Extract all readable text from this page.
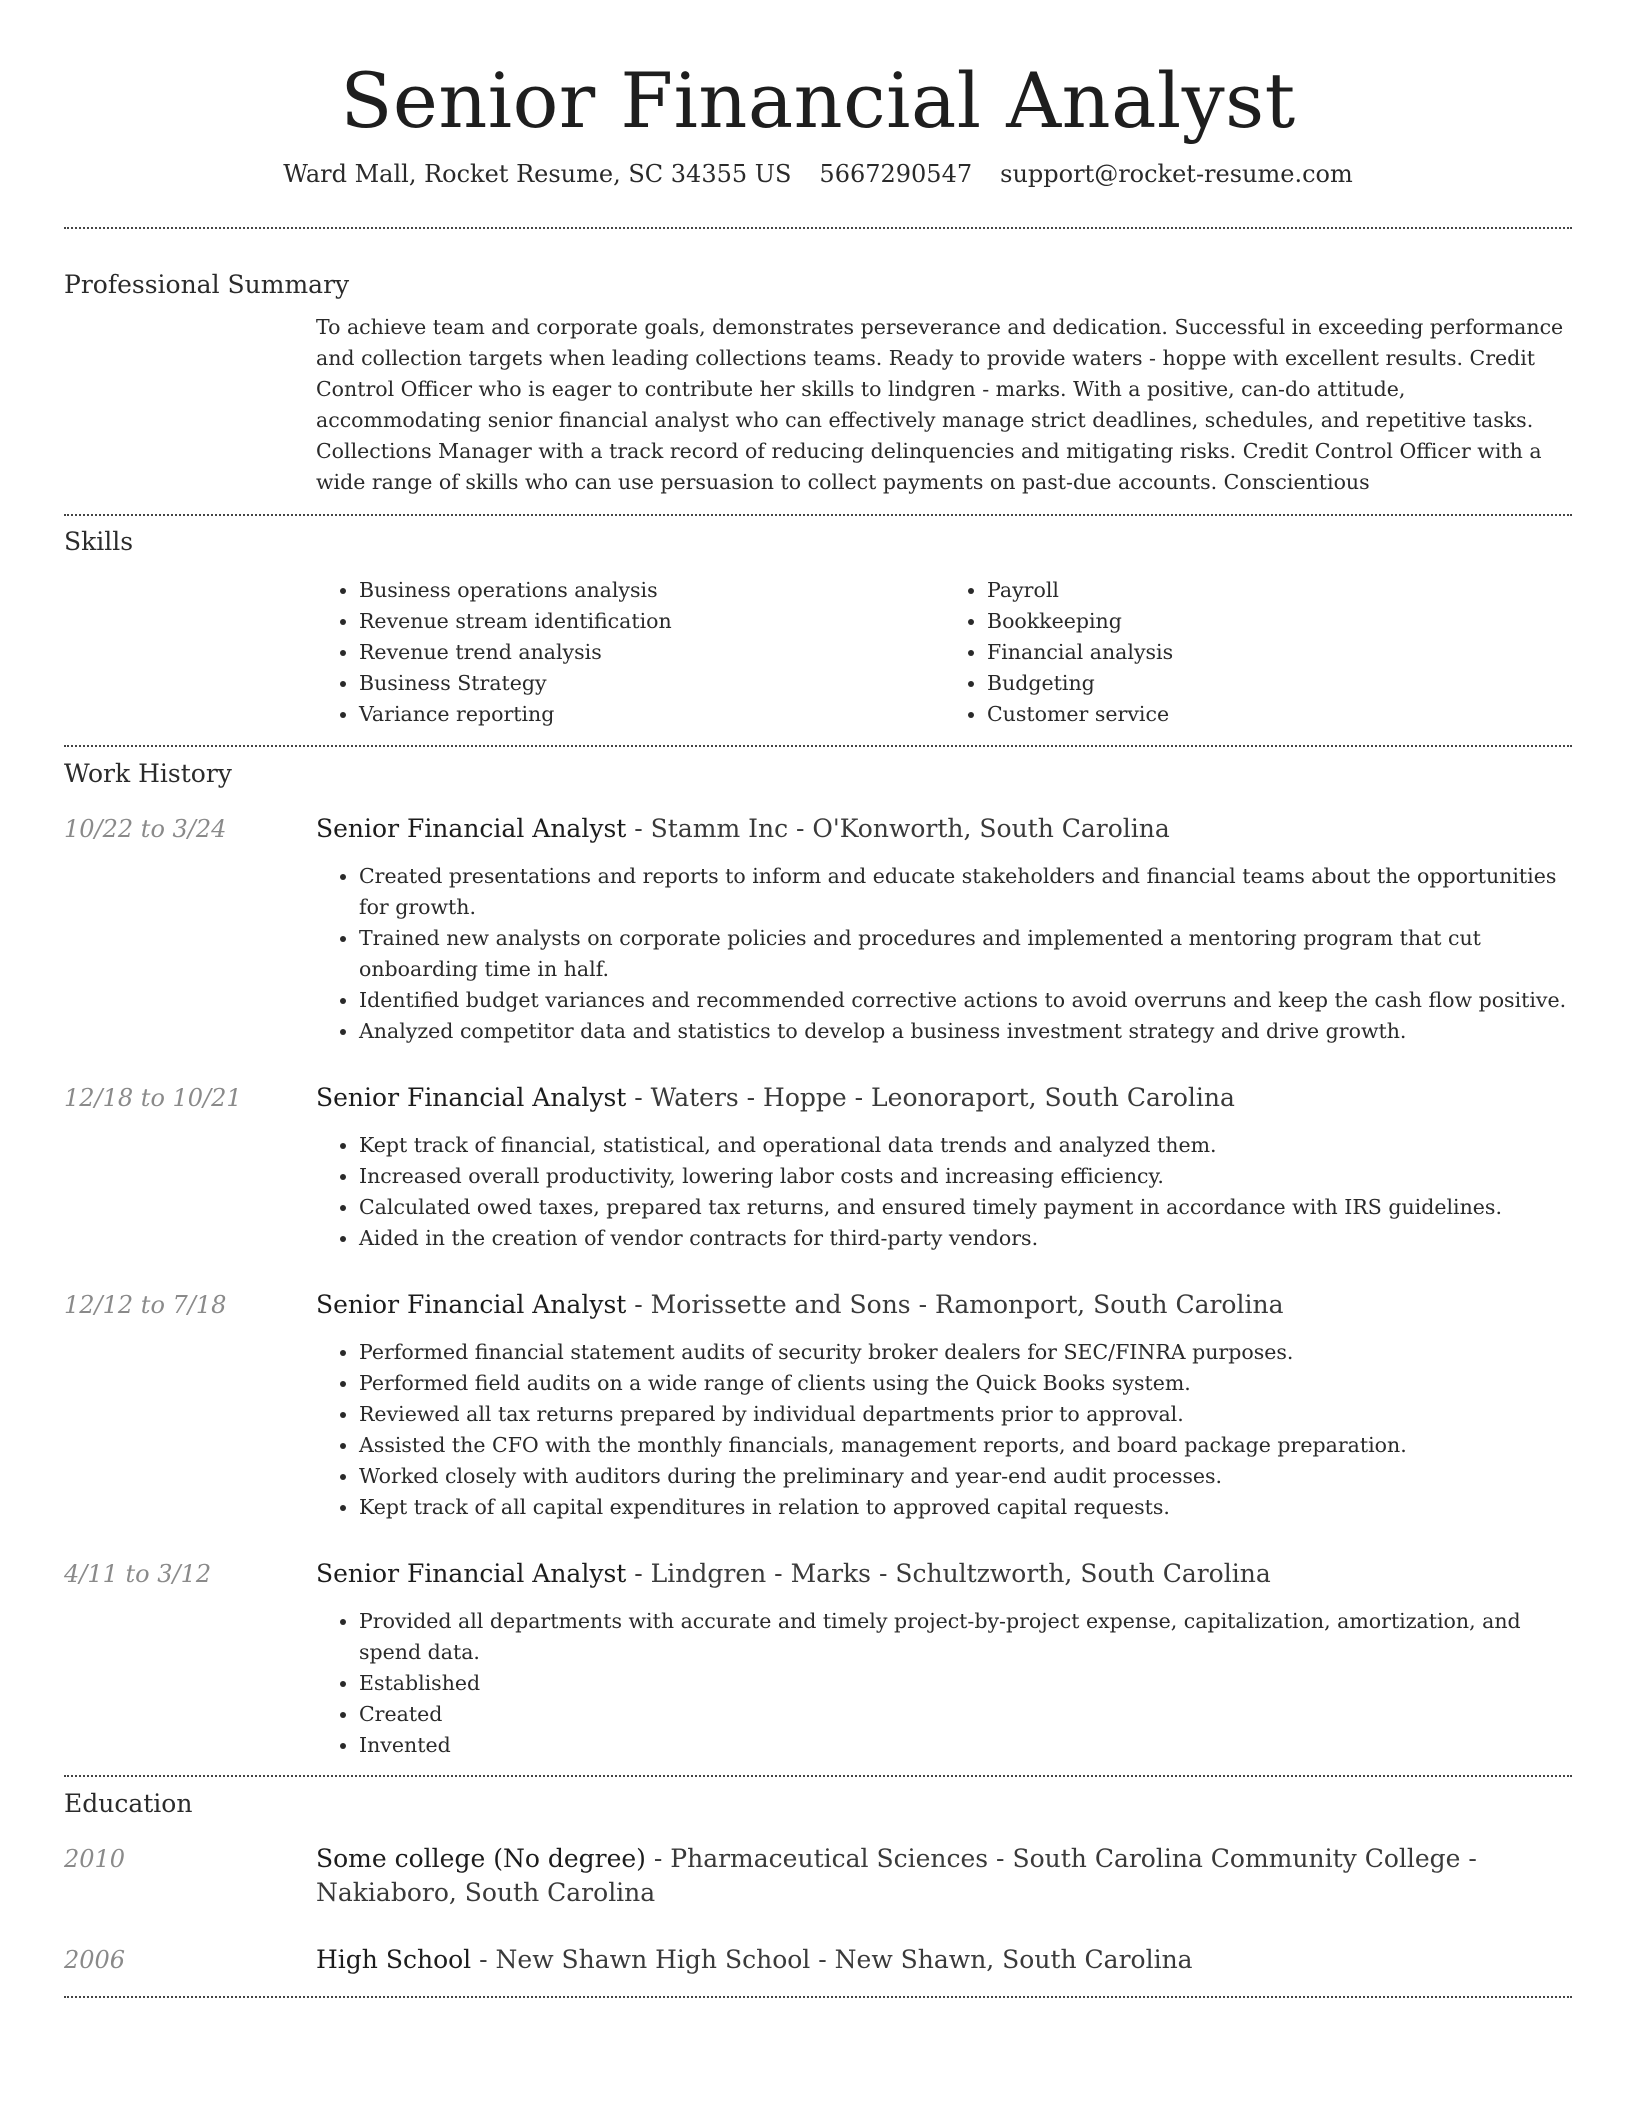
Senior Financial Analyst
Ward Mall, Rocket Resume, SC 34355 US 5667290547 support@rocket-resume.com
Professional Summary

To achieve team and corporate goals, demonstrates perseverance and dedication. Successful in exceeding performance and collection targets when leading collections teams. Ready to provide waters - hoppe with excellent results. Credit Control Officer who is eager to contribute her skills to lindgren - marks. With a positive, can-do attitude, accommodating senior financial analyst who can effectively manage strict deadlines, schedules, and repetitive tasks. Collections Manager with a track record of reducing delinquencies and mitigating risks. Credit Control Officer with a wide range of skills who can use persuasion to collect payments on past-due accounts. Conscientious

Skills
• Business operations analysis
• Revenue stream identification
• Revenue trend analysis
• Business Strategy
• Variance reporting
• Payroll
• Bookkeeping
• Financial analysis
• Budgeting
• Customer service
Work History
10/22 to 3/24	Senior Financial Analyst - Stamm Inc - O'Konworth, South Carolina
• Created presentations and reports to inform and educate stakeholders and financial teams about the opportunities for growth.
• Trained new analysts on corporate policies and procedures and implemented a mentoring program that cut onboarding time in half.
• Identified budget variances and recommended corrective actions to avoid overruns and keep the cash flow positive.
• Analyzed competitor data and statistics to develop a business investment strategy and drive growth.
12/18 to 10/21	Senior Financial Analyst - Waters - Hoppe - Leonoraport, South Carolina
• Kept track of financial, statistical, and operational data trends and analyzed them.
• Increased overall productivity, lowering labor costs and increasing efficiency.
• Calculated owed taxes, prepared tax returns, and ensured timely payment in accordance with IRS guidelines.
• Aided in the creation of vendor contracts for third-party vendors.
12/12 to 7/18	Senior Financial Analyst - Morissette and Sons - Ramonport, South Carolina
• Performed financial statement audits of security broker dealers for SEC/FINRA purposes.
• Performed field audits on a wide range of clients using the Quick Books system.
• Reviewed all tax returns prepared by individual departments prior to approval.
• Assisted the CFO with the monthly financials, management reports, and board package preparation.
• Worked closely with auditors during the preliminary and year-end audit processes.
• Kept track of all capital expenditures in relation to approved capital requests.
4/11 to 3/12	Senior Financial Analyst - Lindgren - Marks - Schultzworth, South Carolina
• Provided all departments with accurate and timely project-by-project expense, capitalization, amortization, and spend data.
• Established
• Created
• Invented
Education
2010	Some college (No degree) - Pharmaceutical Sciences - South Carolina Community College - Nakiaboro, South Carolina
2006	High School - New Shawn High School - New Shawn, South Carolina
